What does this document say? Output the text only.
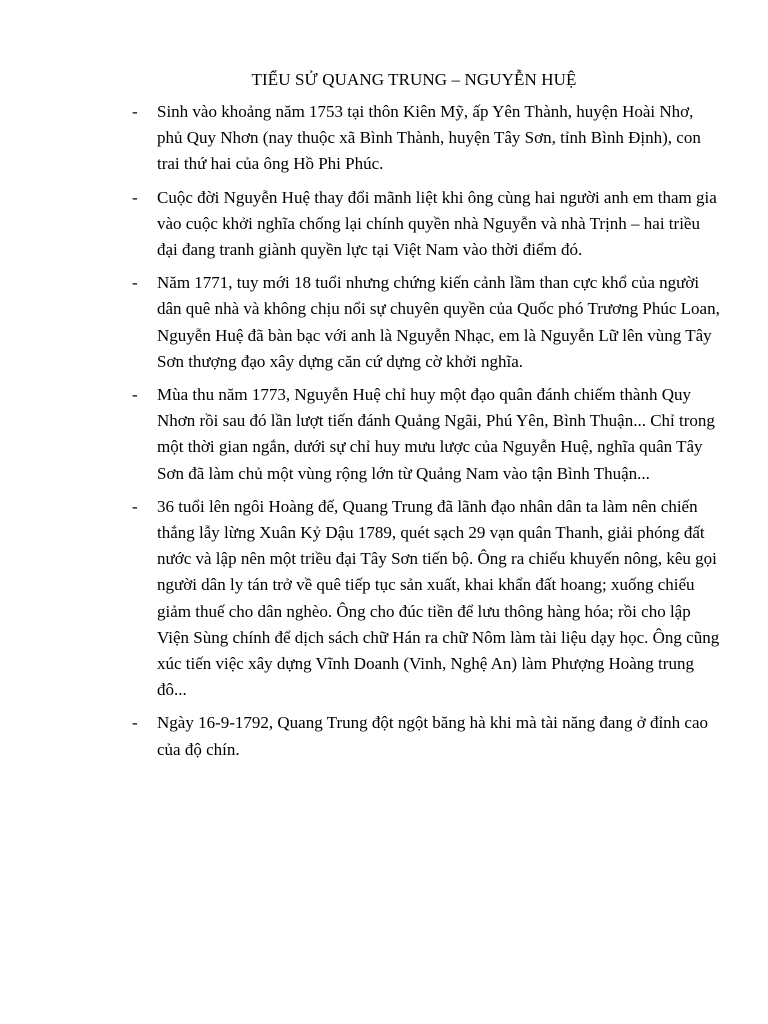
TIỂU SỬ QUANG TRUNG – NGUYỄN HUỆ
- Sinh vào khoảng năm 1753 tại thôn Kiên Mỹ, ấp Yên Thành, huyện Hoài Nhơ, phủ Quy Nhơn (nay thuộc xã Bình Thành, huyện Tây Sơn, tỉnh Bình Định), con trai thứ hai của ông Hồ Phi Phúc.
- Cuộc đời Nguyễn Huệ thay đổi mãnh liệt khi ông cùng hai người anh em tham gia vào cuộc khởi nghĩa chống lại chính quyền nhà Nguyễn và nhà Trịnh – hai triều đại đang tranh giành quyền lực tại Việt Nam vào thời điểm đó.
- Năm 1771, tuy mới 18 tuổi nhưng chứng kiến cảnh lầm than cực khổ của người dân quê nhà và không chịu nổi sự chuyên quyền của Quốc phó Trương Phúc Loan, Nguyễn Huệ đã bàn bạc với anh là Nguyễn Nhạc, em là Nguyễn Lữ lên vùng Tây Sơn thượng đạo xây dựng căn cứ dựng cờ khởi nghĩa.
- Mùa thu năm 1773, Nguyễn Huệ chỉ huy một đạo quân đánh chiếm thành Quy Nhơn rồi sau đó lần lượt tiến đánh Quảng Ngãi, Phú Yên, Bình Thuận... Chỉ trong một thời gian ngắn, dưới sự chỉ huy mưu lược của Nguyễn Huệ, nghĩa quân Tây Sơn đã làm chủ một vùng rộng lớn từ Quảng Nam vào tận Bình Thuận...
- 36 tuổi lên ngôi Hoàng đế, Quang Trung đã lãnh đạo nhân dân ta làm nên chiến thắng lẫy lừng Xuân Kỷ Dậu 1789, quét sạch 29 vạn quân Thanh, giải phóng đất nước và lập nên một triều đại Tây Sơn tiến bộ. Ông ra chiếu khuyến nông, kêu gọi người dân ly tán trở về quê tiếp tục sản xuất, khai khẩn đất hoang; xuống chiếu giảm thuế cho dân nghèo. Ông cho đúc tiền để lưu thông hàng hóa; rồi cho lập Viện Sùng chính để dịch sách chữ Hán ra chữ Nôm làm tài liệu dạy học. Ông cũng xúc tiến việc xây dựng Vĩnh Doanh (Vinh, Nghệ An) làm Phượng Hoàng trung đô...
- Ngày 16-9-1792, Quang Trung đột ngột băng hà khi mà tài năng đang ở đỉnh cao của độ chín.
